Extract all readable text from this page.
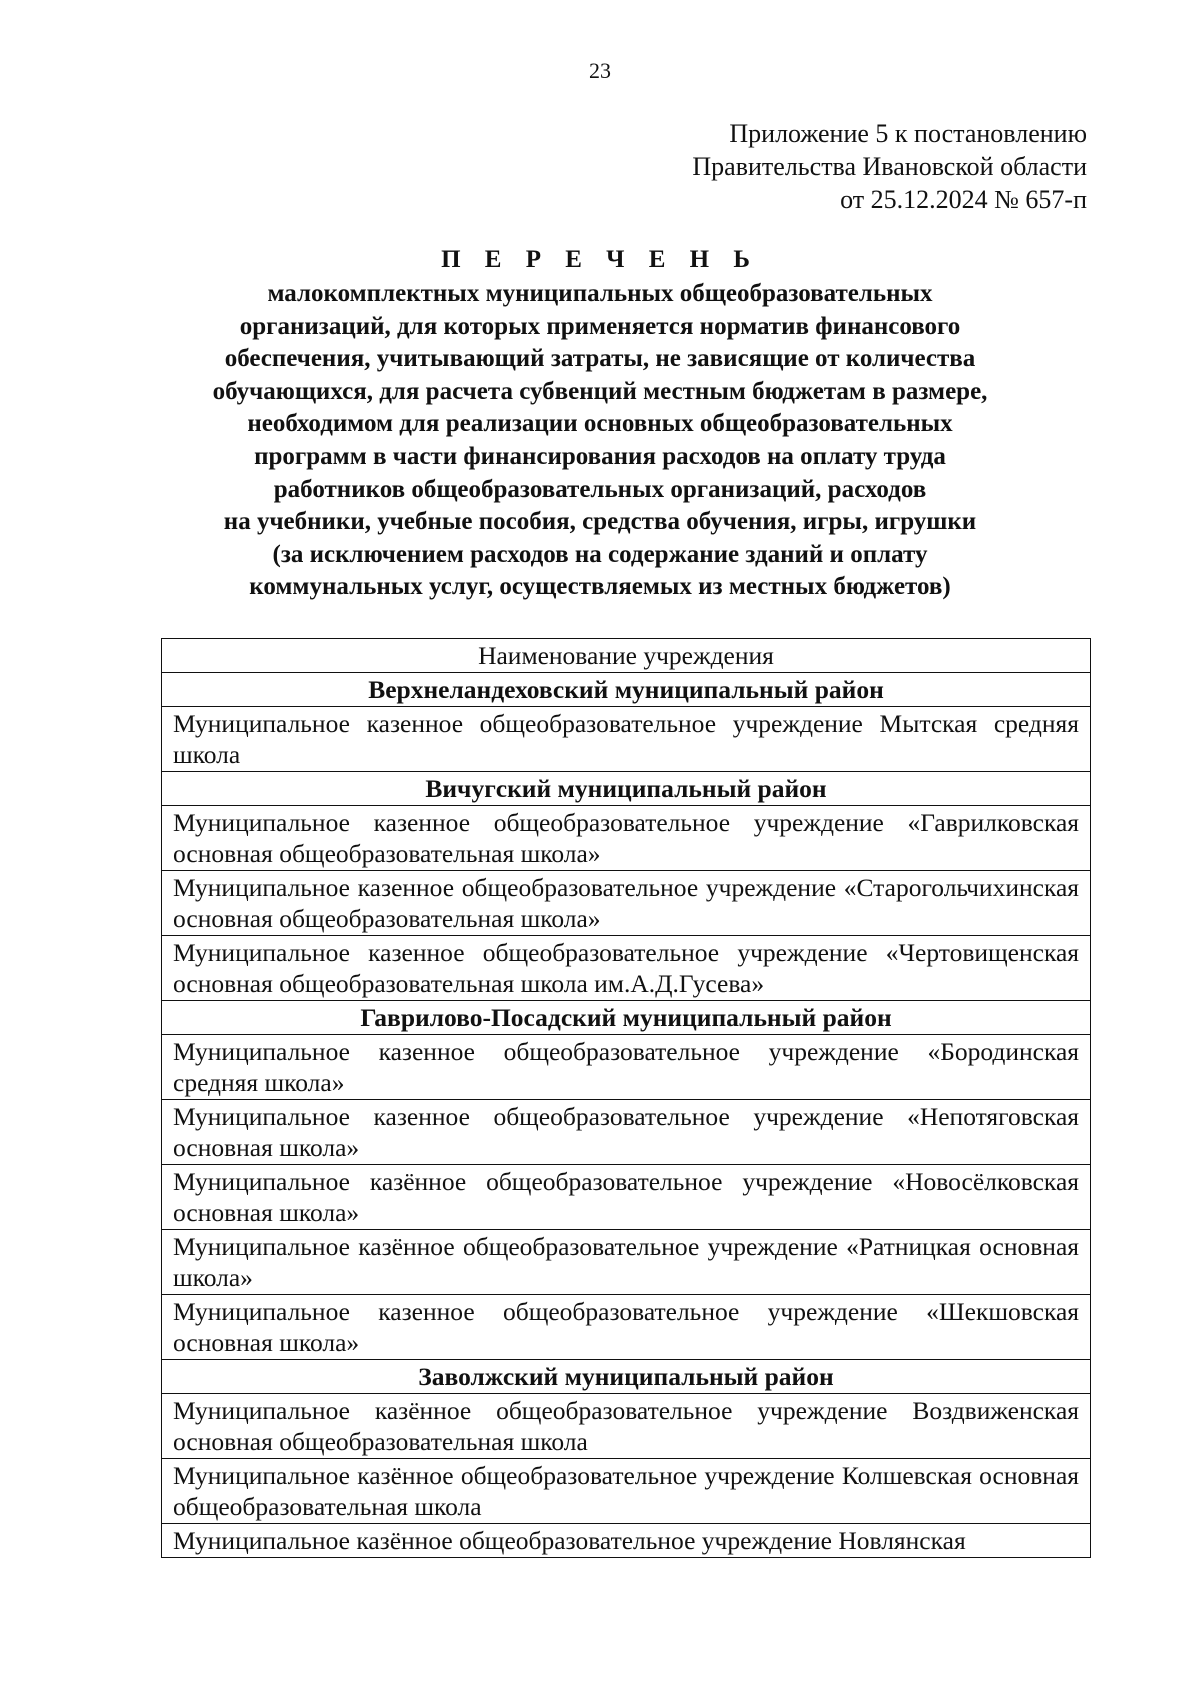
23
Приложение 5 к постановлению
Правительства Ивановской области
от 25.12.2024 № 657-п
П Е Р Е Ч Е Н Ь
малокомплектных муниципальных общеобразовательных
организаций, для которых применяется норматив финансового
обеспечения, учитывающий затраты, не зависящие от количества
обучающихся, для расчета субвенций местным бюджетам в размере,
необходимом для реализации основных общеобразовательных
программ в части финансирования расходов на оплату труда
работников общеобразовательных организаций, расходов
на учебники, учебные пособия, средства обучения, игры, игрушки
(за исключением расходов на содержание зданий и оплату
коммунальных услуг, осуществляемых из местных бюджетов)
Наименование учреждения
Верхнеландеховский муниципальный район
Муниципальное казенное общеобразовательное учреждение Мытская средняя школа
Вичугский муниципальный район
Муниципальное казенное общеобразовательное учреждение «Гаврилковская основная общеобразовательная школа»
Муниципальное казенное общеобразовательное учреждение «Старогольчихинская основная общеобразовательная школа»
Муниципальное казенное общеобразовательное учреждение «Чертовищенская основная общеобразовательная школа им.А.Д.Гусева»
Гаврилово-Посадский муниципальный район
Муниципальное казенное общеобразовательное учреждение «Бородинская средняя школа»
Муниципальное казенное общеобразовательное учреждение «Непотяговская основная школа»
Муниципальное казённое общеобразовательное учреждение «Новосёлковская основная школа»
Муниципальное казённое общеобразовательное учреждение «Ратницкая основная школа»
Муниципальное казенное общеобразовательное учреждение «Шекшовская основная школа»
Заволжский муниципальный район
Муниципальное казённое общеобразовательное учреждение Воздвиженская основная общеобразовательная школа
Муниципальное казённое общеобразовательное учреждение Колшевская основная общеобразовательная школа
Муниципальное казённое общеобразовательное учреждение Новлянская
